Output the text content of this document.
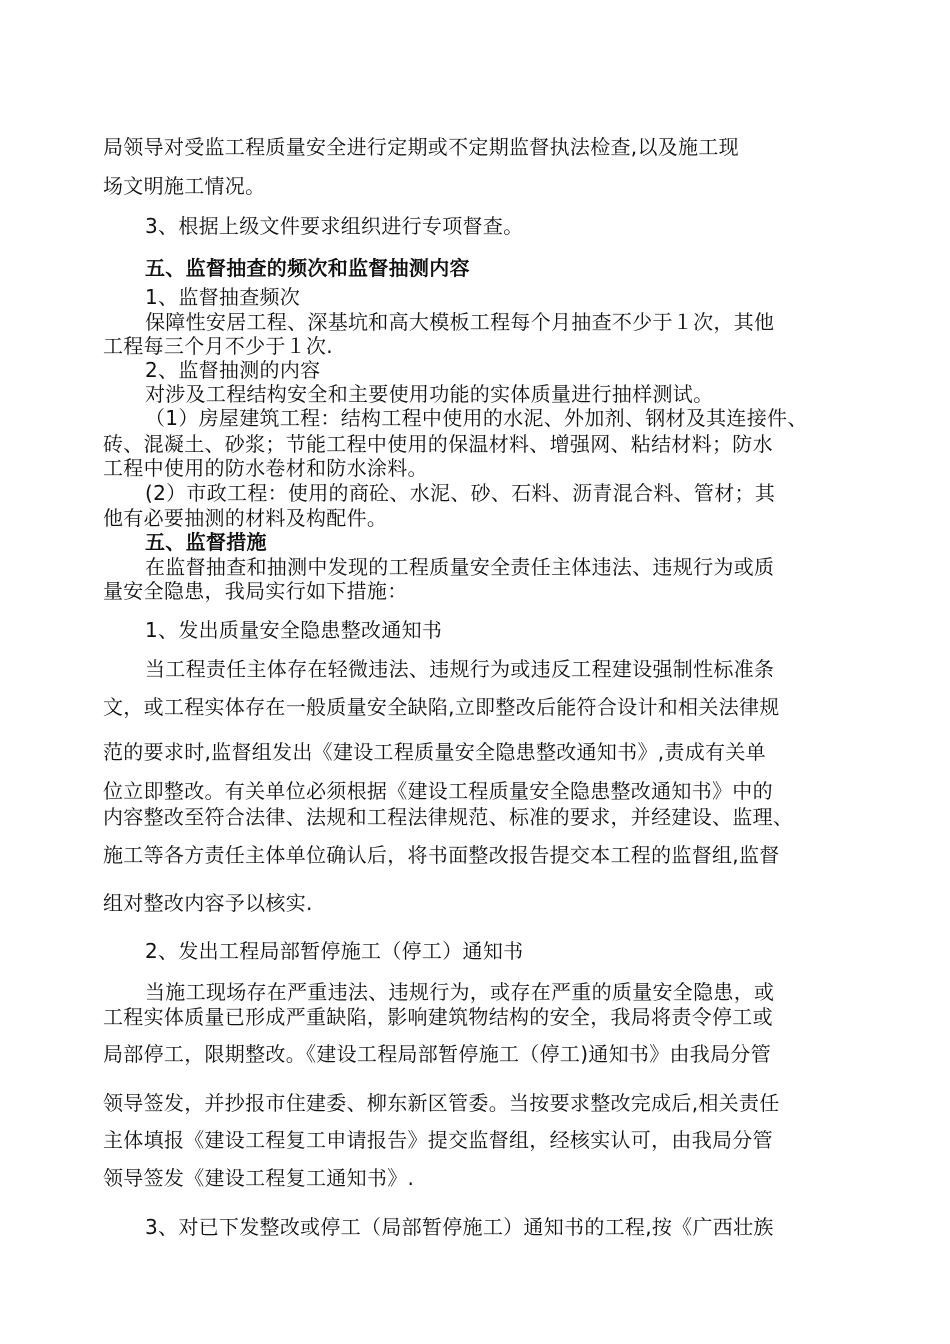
局领导对受监工程质量安全进行定期或不定期监督执法检查,以及施工现
场文明施工情况。
3、根据上级文件要求组织进行专项督查。
五、监督抽查的频次和监督抽测内容
1、监督抽查频次
保障性安居工程、深基坑和高大模板工程每个月抽查不少于１次，其他
工程每三个月不少于１次.
2、监督抽测的内容
对涉及工程结构安全和主要使用功能的实体质量进行抽样测试。
（1）房屋建筑工程：结构工程中使用的水泥、外加剂、钢材及其连接件、
砖、混凝土、砂浆；节能工程中使用的保温材料、增强网、粘结材料；防水
工程中使用的防水卷材和防水涂料。
(2）市政工程：使用的商砼、水泥、砂、石料、沥青混合料、管材；其
他有必要抽测的材料及构配件。
五、监督措施
在监督抽查和抽测中发现的工程质量安全责任主体违法、违规行为或质
量安全隐患，我局实行如下措施：
1、发出质量安全隐患整改通知书
当工程责任主体存在轻微违法、违规行为或违反工程建设强制性标准条
文，或工程实体存在一般质量安全缺陷,立即整改后能符合设计和相关法律规
范的要求时,监督组发出《建设工程质量安全隐患整改通知书》,责成有关单
位立即整改。有关单位必须根据《建设工程质量安全隐患整改通知书》中的
内容整改至符合法律、法规和工程法律规范、标准的要求，并经建设、监理、
施工等各方责任主体单位确认后，将书面整改报告提交本工程的监督组,监督
组对整改内容予以核实.
2、发出工程局部暂停施工（停工）通知书
当施工现场存在严重违法、违规行为，或存在严重的质量安全隐患，或
工程实体质量已形成严重缺陷，影响建筑物结构的安全，我局将责令停工或
局部停工，限期整改。《建设工程局部暂停施工（停工)通知书》由我局分管
领导签发，并抄报市住建委、柳东新区管委。当按要求整改完成后,相关责任
主体填报《建设工程复工申请报告》提交监督组，经核实认可，由我局分管
领导签发《建设工程复工通知书》.
3、对已下发整改或停工（局部暂停施工）通知书的工程,按《广西壮族
